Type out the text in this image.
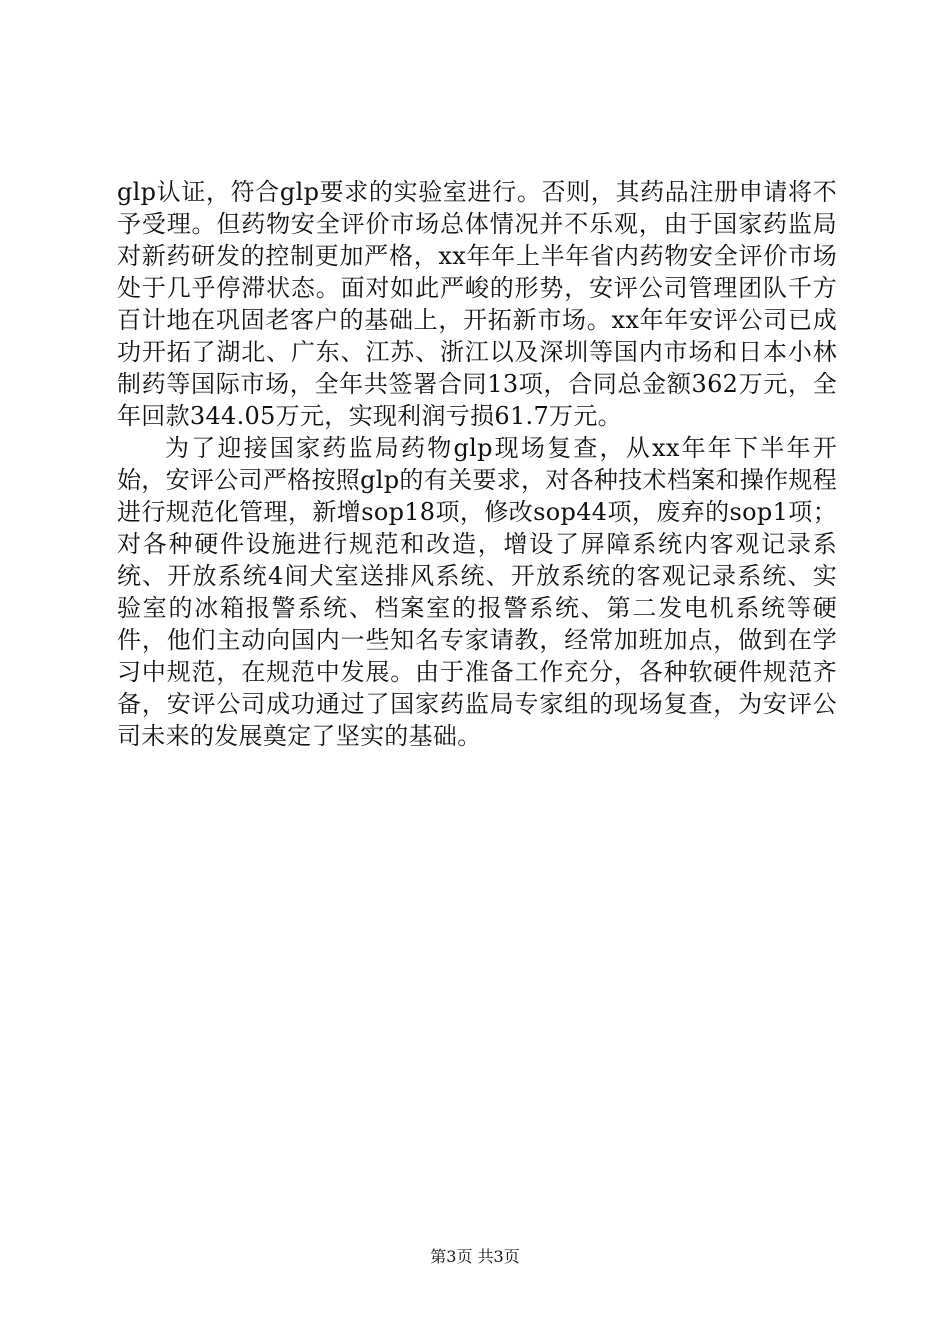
glp认证，符合glp要求的实验室进行。否则，其药品注册申请将不予受理。但药物安全评价市场总体情况并不乐观，由于国家药监局对新药研发的控制更加严格，xx年年上半年省内药物安全评价市场处于几乎停滞状态。面对如此严峻的形势，安评公司管理团队千方百计地在巩固老客户的基础上，开拓新市场。xx年年安评公司已成功开拓了湖北、广东、江苏、浙江以及深圳等国内市场和日本小林制药等国际市场，全年共签署合同13项，合同总金额362万元，全年回款344.05万元，实现利润亏损61.7万元。

为了迎接国家药监局药物glp现场复查，从xx年年下半年开始，安评公司严格按照glp的有关要求，对各种技术档案和操作规程进行规范化管理，新增sop18项，修改sop44项，废弃的sop1项；对各种硬件设施进行规范和改造，增设了屏障系统内客观记录系统、开放系统4间犬室送排风系统、开放系统的客观记录系统、实验室的冰箱报警系统、档案室的报警系统、第二发电机系统等硬件，他们主动向国内一些知名专家请教，经常加班加点，做到在学习中规范，在规范中发展。由于准备工作充分，各种软硬件规范齐备，安评公司成功通过了国家药监局专家组的现场复查，为安评公司未来的发展奠定了坚实的基础。

第3页 共3页
